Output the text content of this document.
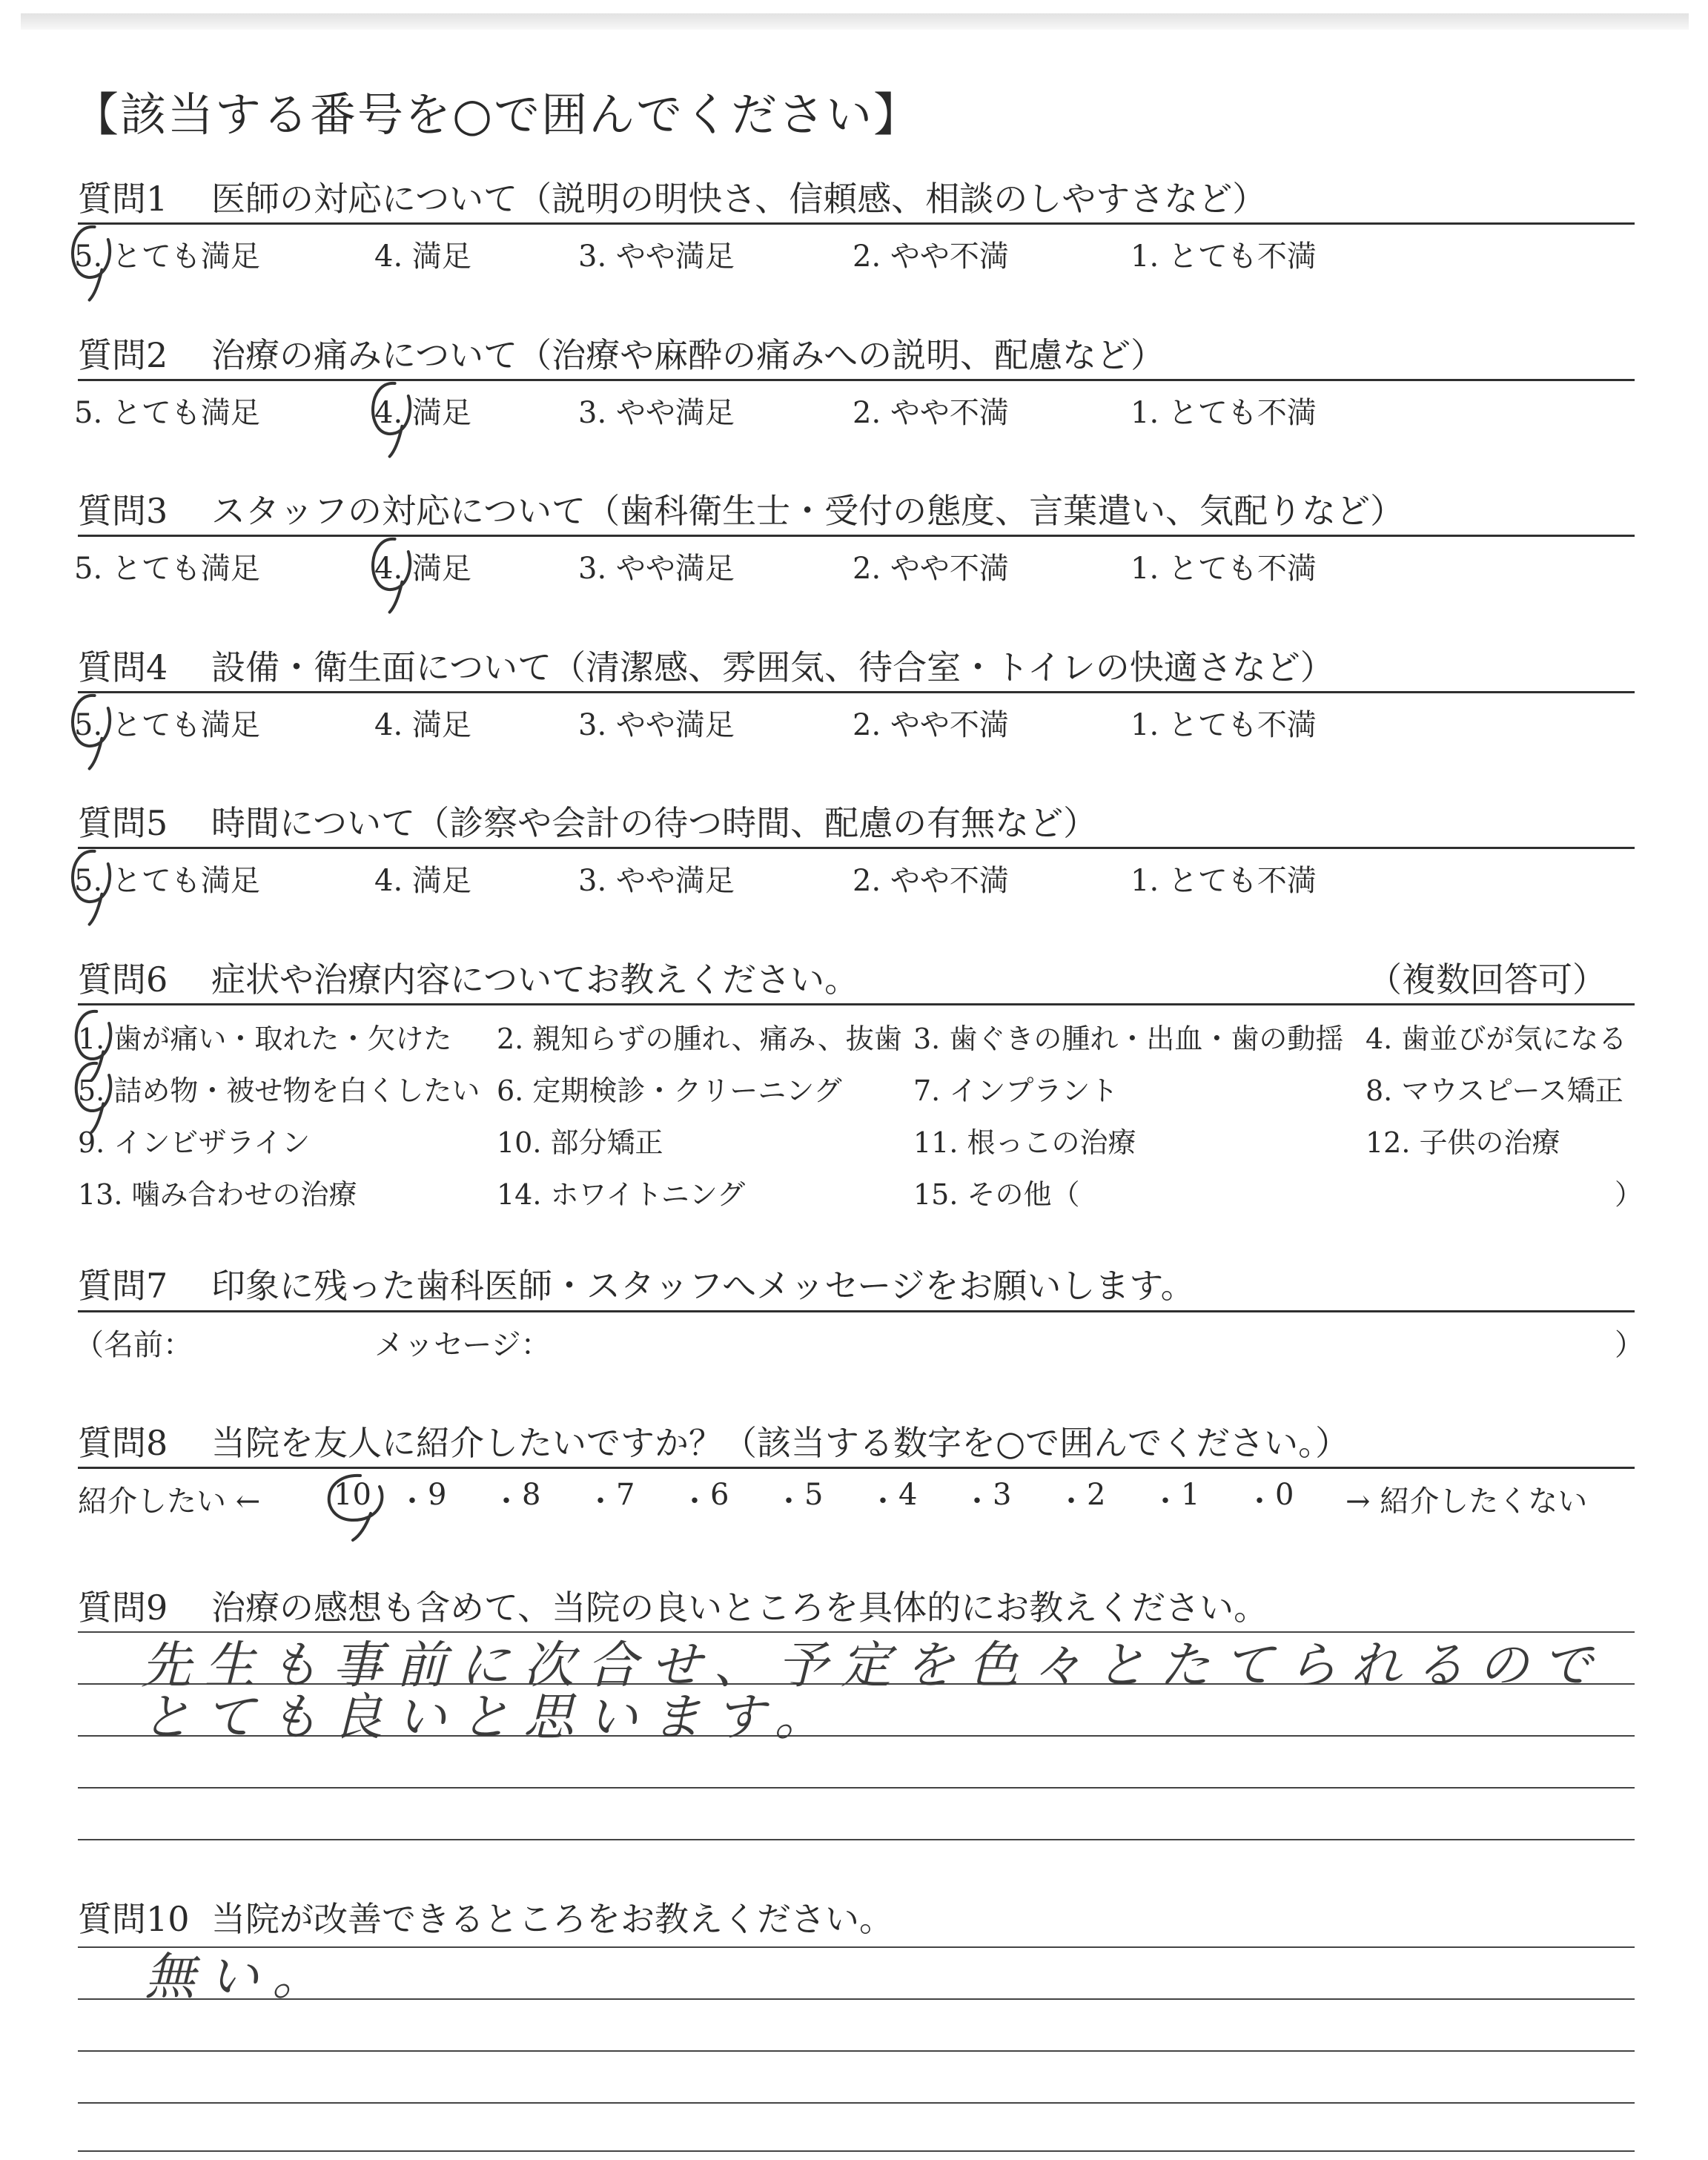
【該当する番号を○で囲んでください】
質問1 医師の対応について（説明の明快さ、信頼感、相談のしやすさなど）
5. とても満足	4. 満足	3. やや満足	2. やや不満	1. とても不満
質問2 治療の痛みについて（治療や麻酔の痛みへの説明、配慮など）
5. とても満足	4. 満足	3. やや満足	2. やや不満	1. とても不満
質問3 スタッフの対応について（歯科衛生士・受付の態度、言葉遣い、気配りなど）
5. とても満足	4. 満足	3. やや満足	2. やや不満	1. とても不満
質問4 設備・衛生面について（清潔感、雰囲気、待合室・トイレの快適さなど）
5. とても満足	4. 満足	3. やや満足	2. やや不満	1. とても不満
質問5 時間について（診察や会計の待つ時間、配慮の有無など）
5. とても満足	4. 満足	3. やや満足	2. やや不満	1. とても不満
質問6 症状や治療内容についてお教えください。	（複数回答可）
1. 歯が痛い・取れた・欠けた 2. 親知らずの腫れ、痛み、抜歯 3. 歯ぐきの腫れ・出血・歯の動揺 4. 歯並びが気になる
5. 詰め物・被せ物を白くしたい 6. 定期検診・クリーニング	7. インプラント	8. マウスピース矯正
9. インビザライン	10. 部分矯正	11. 根っこの治療	12. 子供の治療
13. 噛み合わせの治療	14. ホワイトニング	15. その他（	）
質問7 印象に残った歯科医師・スタッフへメッセージをお願いします。
（名前：	メッセージ：	）
質問8 当院を友人に紹介したいですか？（該当する数字を○で囲んでください。）
紹介したい ←	→ 紹介したくない
10 ・ 9 ・ 8 ・ 7 ・ 6 ・ 5 ・ 4 ・ 3 ・ 2 ・ 1 ・ 0
質問9 治療の感想も含めて、当院の良いところを具体的にお教えください。
先生も事前に次合せ、予定を色々とたてられるので
とても良いと思います。
質問10 当院が改善できるところをお教えください。
無い。
